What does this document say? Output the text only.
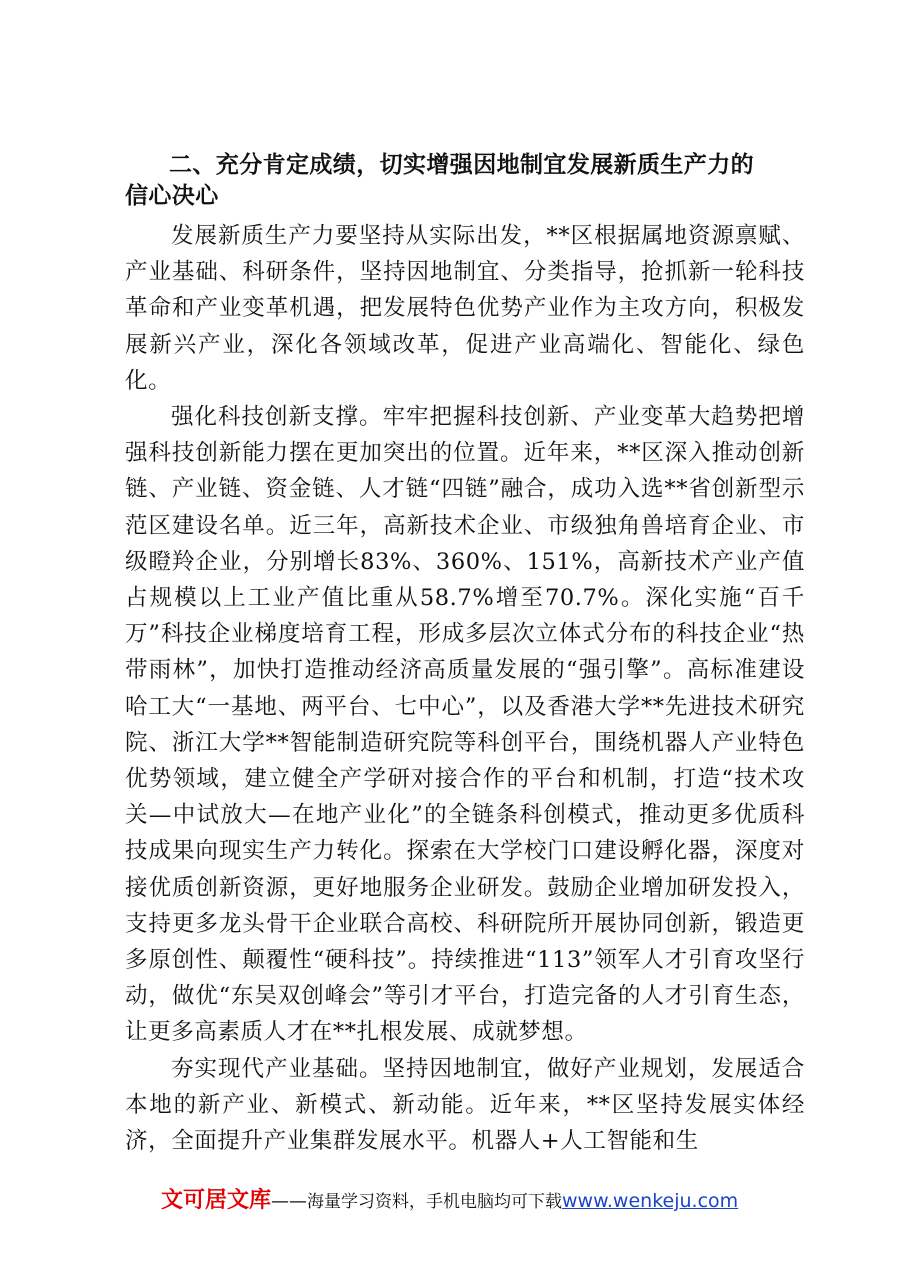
二、充分肯定成绩，切实增强因地制宜发展新质生产力的

信心决心

发展新质生产力要坚持从实际出发，**区根据属地资源禀赋、产业基础、科研条件，坚持因地制宜、分类指导，抢抓新一轮科技革命和产业变革机遇，把发展特色优势产业作为主攻方向，积极发展新兴产业，深化各领域改革，促进产业高端化、智能化、绿色化。

强化科技创新支撑。牢牢把握科技创新、产业变革大趋势把增强科技创新能力摆在更加突出的位置。近年来，**区深入推动创新链、产业链、资金链、人才链“四链”融合，成功入选**省创新型示范区建设名单。近三年，高新技术企业、市级独角兽培育企业、市级瞪羚企业，分别增长83%、360%、151%，高新技术产业产值占规模以上工业产值比重从58.7%增至70.7%。深化实施“百千万”科技企业梯度培育工程，形成多层次立体式分布的科技企业“热带雨林”，加快打造推动经济高质量发展的“强引擎”。高标准建设哈工大“一基地、两平台、七中心”，以及香港大学**先进技术研究院、浙江大学**智能制造研究院等科创平台，围绕机器人产业特色优势领域，建立健全产学研对接合作的平台和机制，打造“技术攻关—中试放大—在地产业化”的全链条科创模式，推动更多优质科技成果向现实生产力转化。探索在大学校门口建设孵化器，深度对接优质创新资源，更好地服务企业研发。鼓励企业增加研发投入，支持更多龙头骨干企业联合高校、科研院所开展协同创新，锻造更多原创性、颠覆性“硬科技”。持续推进“113”领军人才引育攻坚行动，做优“东吴双创峰会”等引才平台，打造完备的人才引育生态，让更多高素质人才在**扎根发展、成就梦想。

夯实现代产业基础。坚持因地制宜，做好产业规划，发展适合本地的新产业、新模式、新动能。近年来，**区坚持发展实体经济，全面提升产业集群发展水平。机器人+人工智能和生

文可居文库——海量学习资料，手机电脑均可下载www.wenkeju.com
